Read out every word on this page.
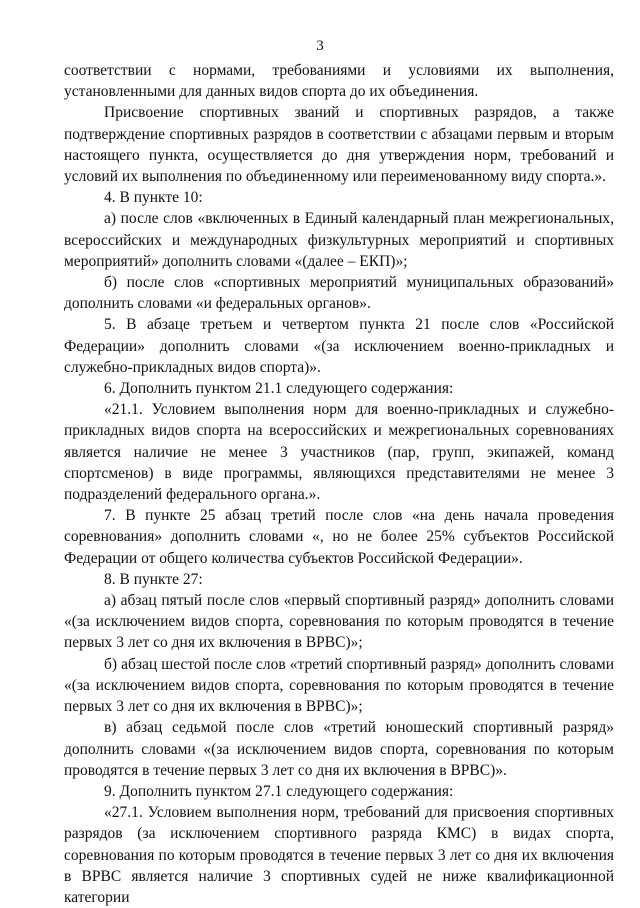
3

соответствии с нормами, требованиями и условиями их выполнения, установленными для данных видов спорта до их объединения.

Присвоение спортивных званий и спортивных разрядов, а также подтверждение спортивных разрядов в соответствии с абзацами первым и вторым настоящего пункта, осуществляется до дня утверждения норм, требований и условий их выполнения по объединенному или переименованному виду спорта.».

4. В пункте 10:

а) после слов «включенных в Единый календарный план межрегиональных, всероссийских и международных физкультурных мероприятий и спортивных мероприятий» дополнить словами «(далее – ЕКП)»;

б) после слов «спортивных мероприятий муниципальных образований» дополнить словами «и федеральных органов».

5. В абзаце третьем и четвертом пункта 21 после слов «Российской Федерации» дополнить словами «(за исключением военно-прикладных и служебно-прикладных видов спорта)».

6. Дополнить пунктом 21.1 следующего содержания:

«21.1. Условием выполнения норм для военно-прикладных и служебно-прикладных видов спорта на всероссийских и межрегиональных соревнованиях является наличие не менее 3 участников (пар, групп, экипажей, команд спортсменов) в виде программы, являющихся представителями не менее 3 подразделений федерального органа.».

7. В пункте 25 абзац третий после слов «на день начала проведения соревнования» дополнить словами «, но не более 25% субъектов Российской Федерации от общего количества субъектов Российской Федерации».

8. В пункте 27:

а) абзац пятый после слов «первый спортивный разряд» дополнить словами «(за исключением видов спорта, соревнования по которым проводятся в течение первых 3 лет со дня их включения в ВРВС)»;

б) абзац шестой после слов «третий спортивный разряд» дополнить словами «(за исключением видов спорта, соревнования по которым проводятся в течение первых 3 лет со дня их включения в ВРВС)»;

в) абзац седьмой после слов «третий юношеский спортивный разряд» дополнить словами «(за исключением видов спорта, соревнования по которым проводятся в течение первых 3 лет со дня их включения в ВРВС)».

9. Дополнить пунктом 27.1 следующего содержания:

«27.1. Условием выполнения норм, требований для присвоения спортивных разрядов (за исключением спортивного разряда КМС) в видах спорта, соревнования по которым проводятся в течение первых 3 лет со дня их включения в ВРВС является наличие 3 спортивных судей не ниже квалификационной категории
